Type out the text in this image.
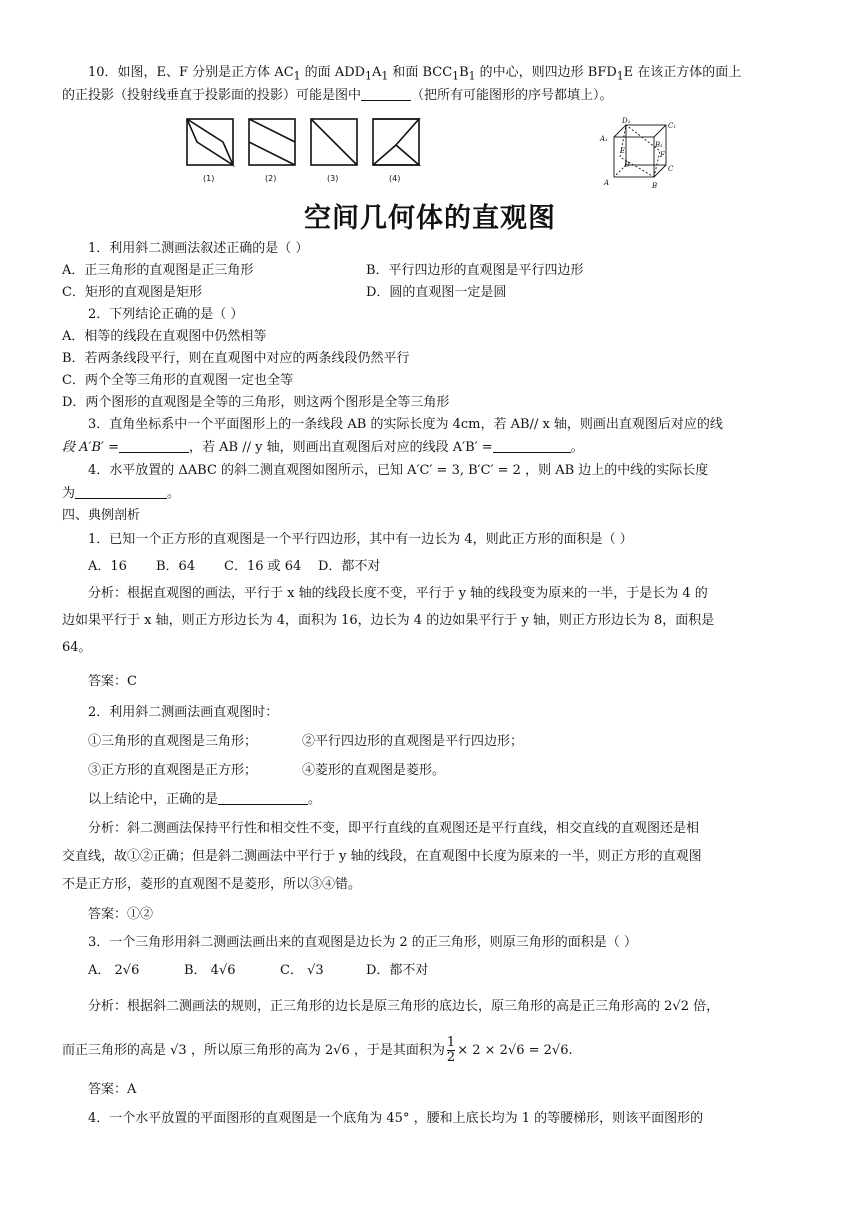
10．如图，E、F 分别是正方体 $AC_1$ 的面 $ADD_1A_1$ 和面 $BCC_1B_1$ 的中心，则四边形 $BFD_1E$ 在该正方体的面上
的正投影（投射线垂直于投影面的投影）可能是图中	（把所有可能图形的序号都填上）。
(1)	(2)	(3)	(4)
D₁
C₁
A₁
B₁
E	F
D	C
A	B
空间几何体的直观图
1．利用斜二测画法叙述正确的是（ ）
A．正三角形的直观图是正三角形	B．平行四边形的直观图是平行四边形
C．矩形的直观图是矩形	D．圆的直观图一定是圆
2．下列结论正确的是（ ）
A．相等的线段在直观图中仍然相等
B．若两条线段平行，则在直观图中对应的两条线段仍然平行
C．两个全等三角形的直观图一定也全等
D．两个图形的直观图是全等的三角形，则这两个图形是全等三角形
3．直角坐标系中一个平面图形上的一条线段 AB 的实际长度为 4cm，若 AB// x 轴，则画出直观图后对应的线
段 A′B′ =	，若 AB // y 轴，则画出直观图后对应的线段 A′B′ =	。
4．水平放置的 ΔABC 的斜二测直观图如图所示，已知 A′C′ = 3, B′C′ = 2 ，则 AB 边上的中线的实际长度
为	。
四、典例剖析
1．已知一个正方形的直观图是一个平行四边形，其中有一边长为 4，则此正方形的面积是（ ）
A．16 B．64 C．16 或 64 D．都不对
分析：根据直观图的画法，平行于 x 轴的线段长度不变，平行于 y 轴的线段变为原来的一半，于是长为 4 的
边如果平行于 x 轴，则正方形边长为 4，面积为 16，边长为 4 的边如果平行于 y 轴，则正方形边长为 8，面积是
64。
答案：C
2．利用斜二测画法画直观图时：
①三角形的直观图是三角形；	②平行四边形的直观图是平行四边形；
③正方形的直观图是正方形；	④菱形的直观图是菱形。
以上结论中，正确的是	。
分析：斜二测画法保持平行性和相交性不变，即平行直线的直观图还是平行直线，相交直线的直观图还是相
交直线，故①②正确；但是斜二测画法中平行于 y 轴的线段，在直观图中长度为原来的一半，则正方形的直观图
不是正方形，菱形的直观图不是菱形，所以③④错。
答案：①②
3．一个三角形用斜二测画法画出来的直观图是边长为 2 的正三角形，则原三角形的面积是（ ）
A． 2√6	B． 4√6	C． √3	D．都不对
分析：根据斜二测画法的规则，正三角形的边长是原三角形的底边长，原三角形的高是正三角形高的 2√2 倍，
而正三角形的高是 √3 ，所以原三角形的高为 2√6 ，于是其面积为 $\frac{1}{2} \times 2 \times 2√6 = 2√6$.
答案：A
4．一个水平放置的平面图形的直观图是一个底角为 45° ，腰和上底长均为 1 的等腰梯形，则该平面图形的
